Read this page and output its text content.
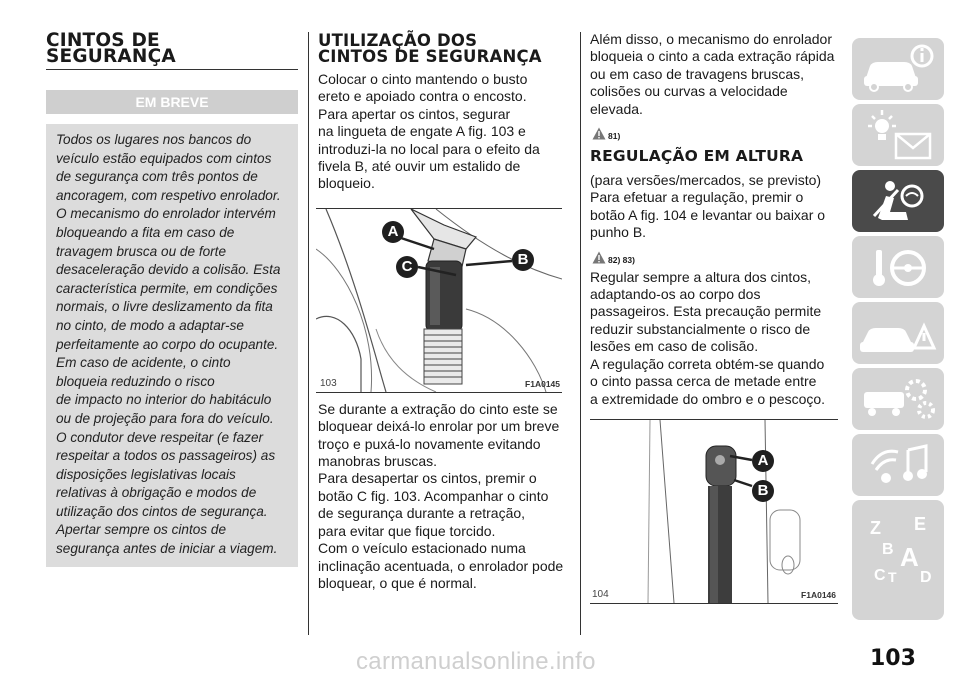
CINTOS DE
SEGURANÇA
EM BREVE

Todos os lugares nos bancos do
veículo estão equipados com cintos
de segurança com três pontos de
ancoragem, com respetivo enrolador.
O mecanismo do enrolador intervém
bloqueando a fita em caso de
travagem brusca ou de forte
desaceleração devido a colisão. Esta
característica permite, em condições
normais, o livre deslizamento da fita
no cinto, de modo a adaptar-se
perfeitamente ao corpo do ocupante.
Em caso de acidente, o cinto
bloqueia reduzindo o risco
de impacto no interior do habitáculo
ou de projeção para fora do veículo.
O condutor deve respeitar (e fazer
respeitar a todos os passageiros) as
disposições legislativas locais
relativas à obrigação e modos de
utilização dos cintos de segurança.
Apertar sempre os cintos de
segurança antes de iniciar a viagem.

UTILIZAÇÃO DOS
CINTOS DE SEGURANÇA

Colocar o cinto mantendo o busto
ereto e apoiado contra o encosto.
Para apertar os cintos, segurar
na lingueta de engate A fig. 103 e
introduzi-la no local para o efeito da
fivela B, até ouvir um estalido de
bloqueio.

A
B
C
103	F1A0145

Se durante a extração do cinto este se
bloquear deixá-lo enrolar por um breve
troço e puxá-lo novamente evitando
manobras bruscas.
Para desapertar os cintos, premir o
botão C fig. 103. Acompanhar o cinto
de segurança durante a retração,
para evitar que fique torcido.
Com o veículo estacionado numa
inclinação acentuada, o enrolador pode
bloquear, o que é normal.

Além disso, o mecanismo do enrolador
bloqueia o cinto a cada extração rápida
ou em caso de travagens bruscas,
colisões ou curvas a velocidade
elevada.

81)
REGULAÇÃO EM ALTURA

(para versões/mercados, se previsto)
Para efetuar a regulação, premir o
botão A fig. 104 e levantar ou baixar o
punho B.

82) 83)

Regular sempre a altura dos cintos,
adaptando-os ao corpo dos
passageiros. Esta precaução permite
reduzir substancialmente o risco de
lesões em caso de colisão.
A regulação correta obtém-se quando
o cinto passa cerca de metade entre
a extremidade do ombro e o pescoço.

A
B
104	F1A0146
Z E
B A
C T D
103
carmanualsonline.info
